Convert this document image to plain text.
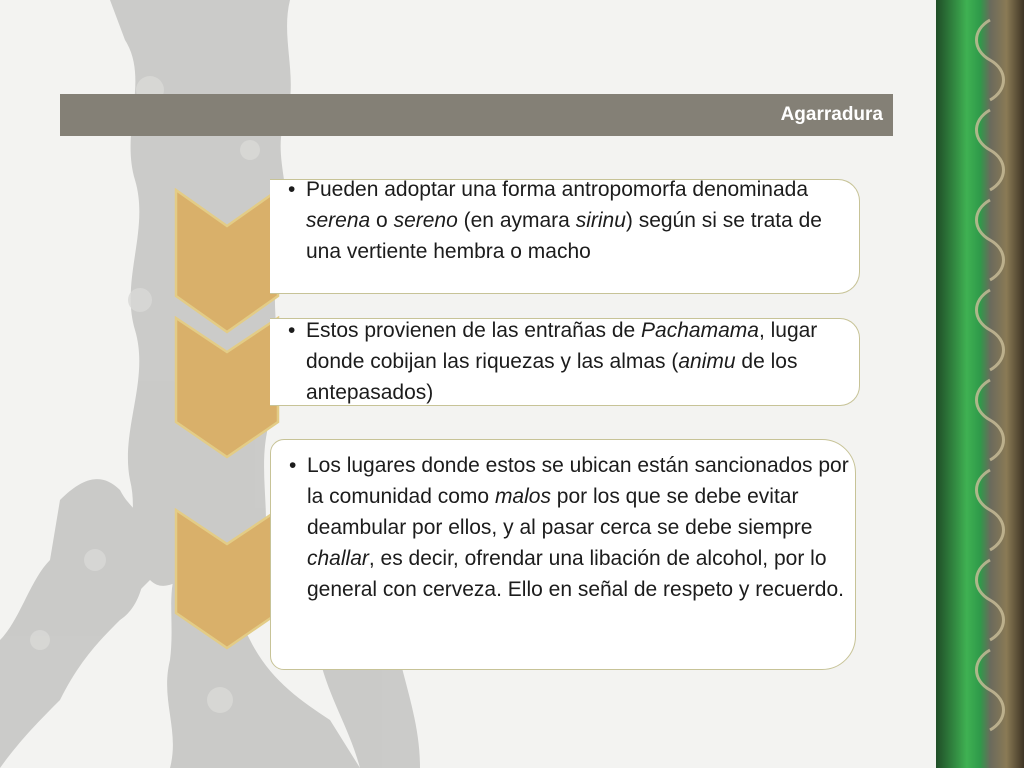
Agarradura
• Pueden adoptar una forma antropomorfa denominada serena o sereno (en aymara sirinu) según si se trata de una vertiente hembra o macho
• Estos provienen de las entrañas de Pachamama, lugar donde cobijan las riquezas y las almas (animu de los antepasados)
• Los lugares donde estos se ubican están sancionados por la comunidad como malos por los que se debe evitar deambular por ellos, y al pasar cerca se debe siempre challar, es decir, ofrendar una libación de alcohol, por lo general con cerveza. Ello en señal de respeto y recuerdo.
